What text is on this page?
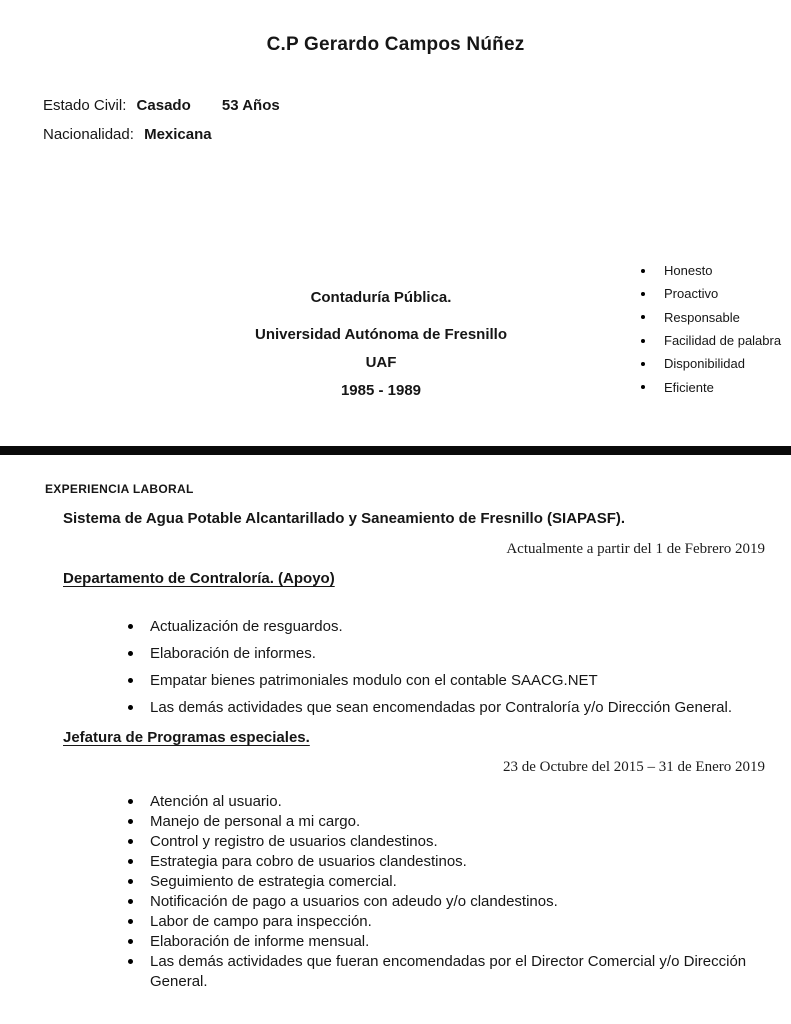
C.P Gerardo Campos Núñez
Estado Civil: Casado 53 Años
Nacionalidad: Mexicana
Honesto
Proactivo
Responsable
Facilidad de palabra
Disponibilidad
Eficiente
Contaduría Pública.
Universidad Autónoma de Fresnillo
UAF
1985 - 1989
EXPERIENCIA LABORAL
Sistema de Agua Potable Alcantarillado y Saneamiento de Fresnillo (SIAPASF).
Actualmente a partir del 1 de Febrero 2019
Departamento de Contraloría. (Apoyo)
Actualización de resguardos.
Elaboración de informes.
Empatar bienes patrimoniales modulo con el contable SAACG.NET
Las demás actividades que sean encomendadas por Contraloría y/o Dirección General.
Jefatura de Programas especiales.
23 de Octubre del 2015 – 31 de Enero 2019
Atención al usuario.
Manejo de personal a mi cargo.
Control y registro de usuarios clandestinos.
Estrategia para cobro de usuarios clandestinos.
Seguimiento de estrategia comercial.
Notificación de pago a usuarios con adeudo y/o clandestinos.
Labor de campo para inspección.
Elaboración de informe mensual.
Las demás actividades que fueran encomendadas por el Director Comercial y/o Dirección General.
